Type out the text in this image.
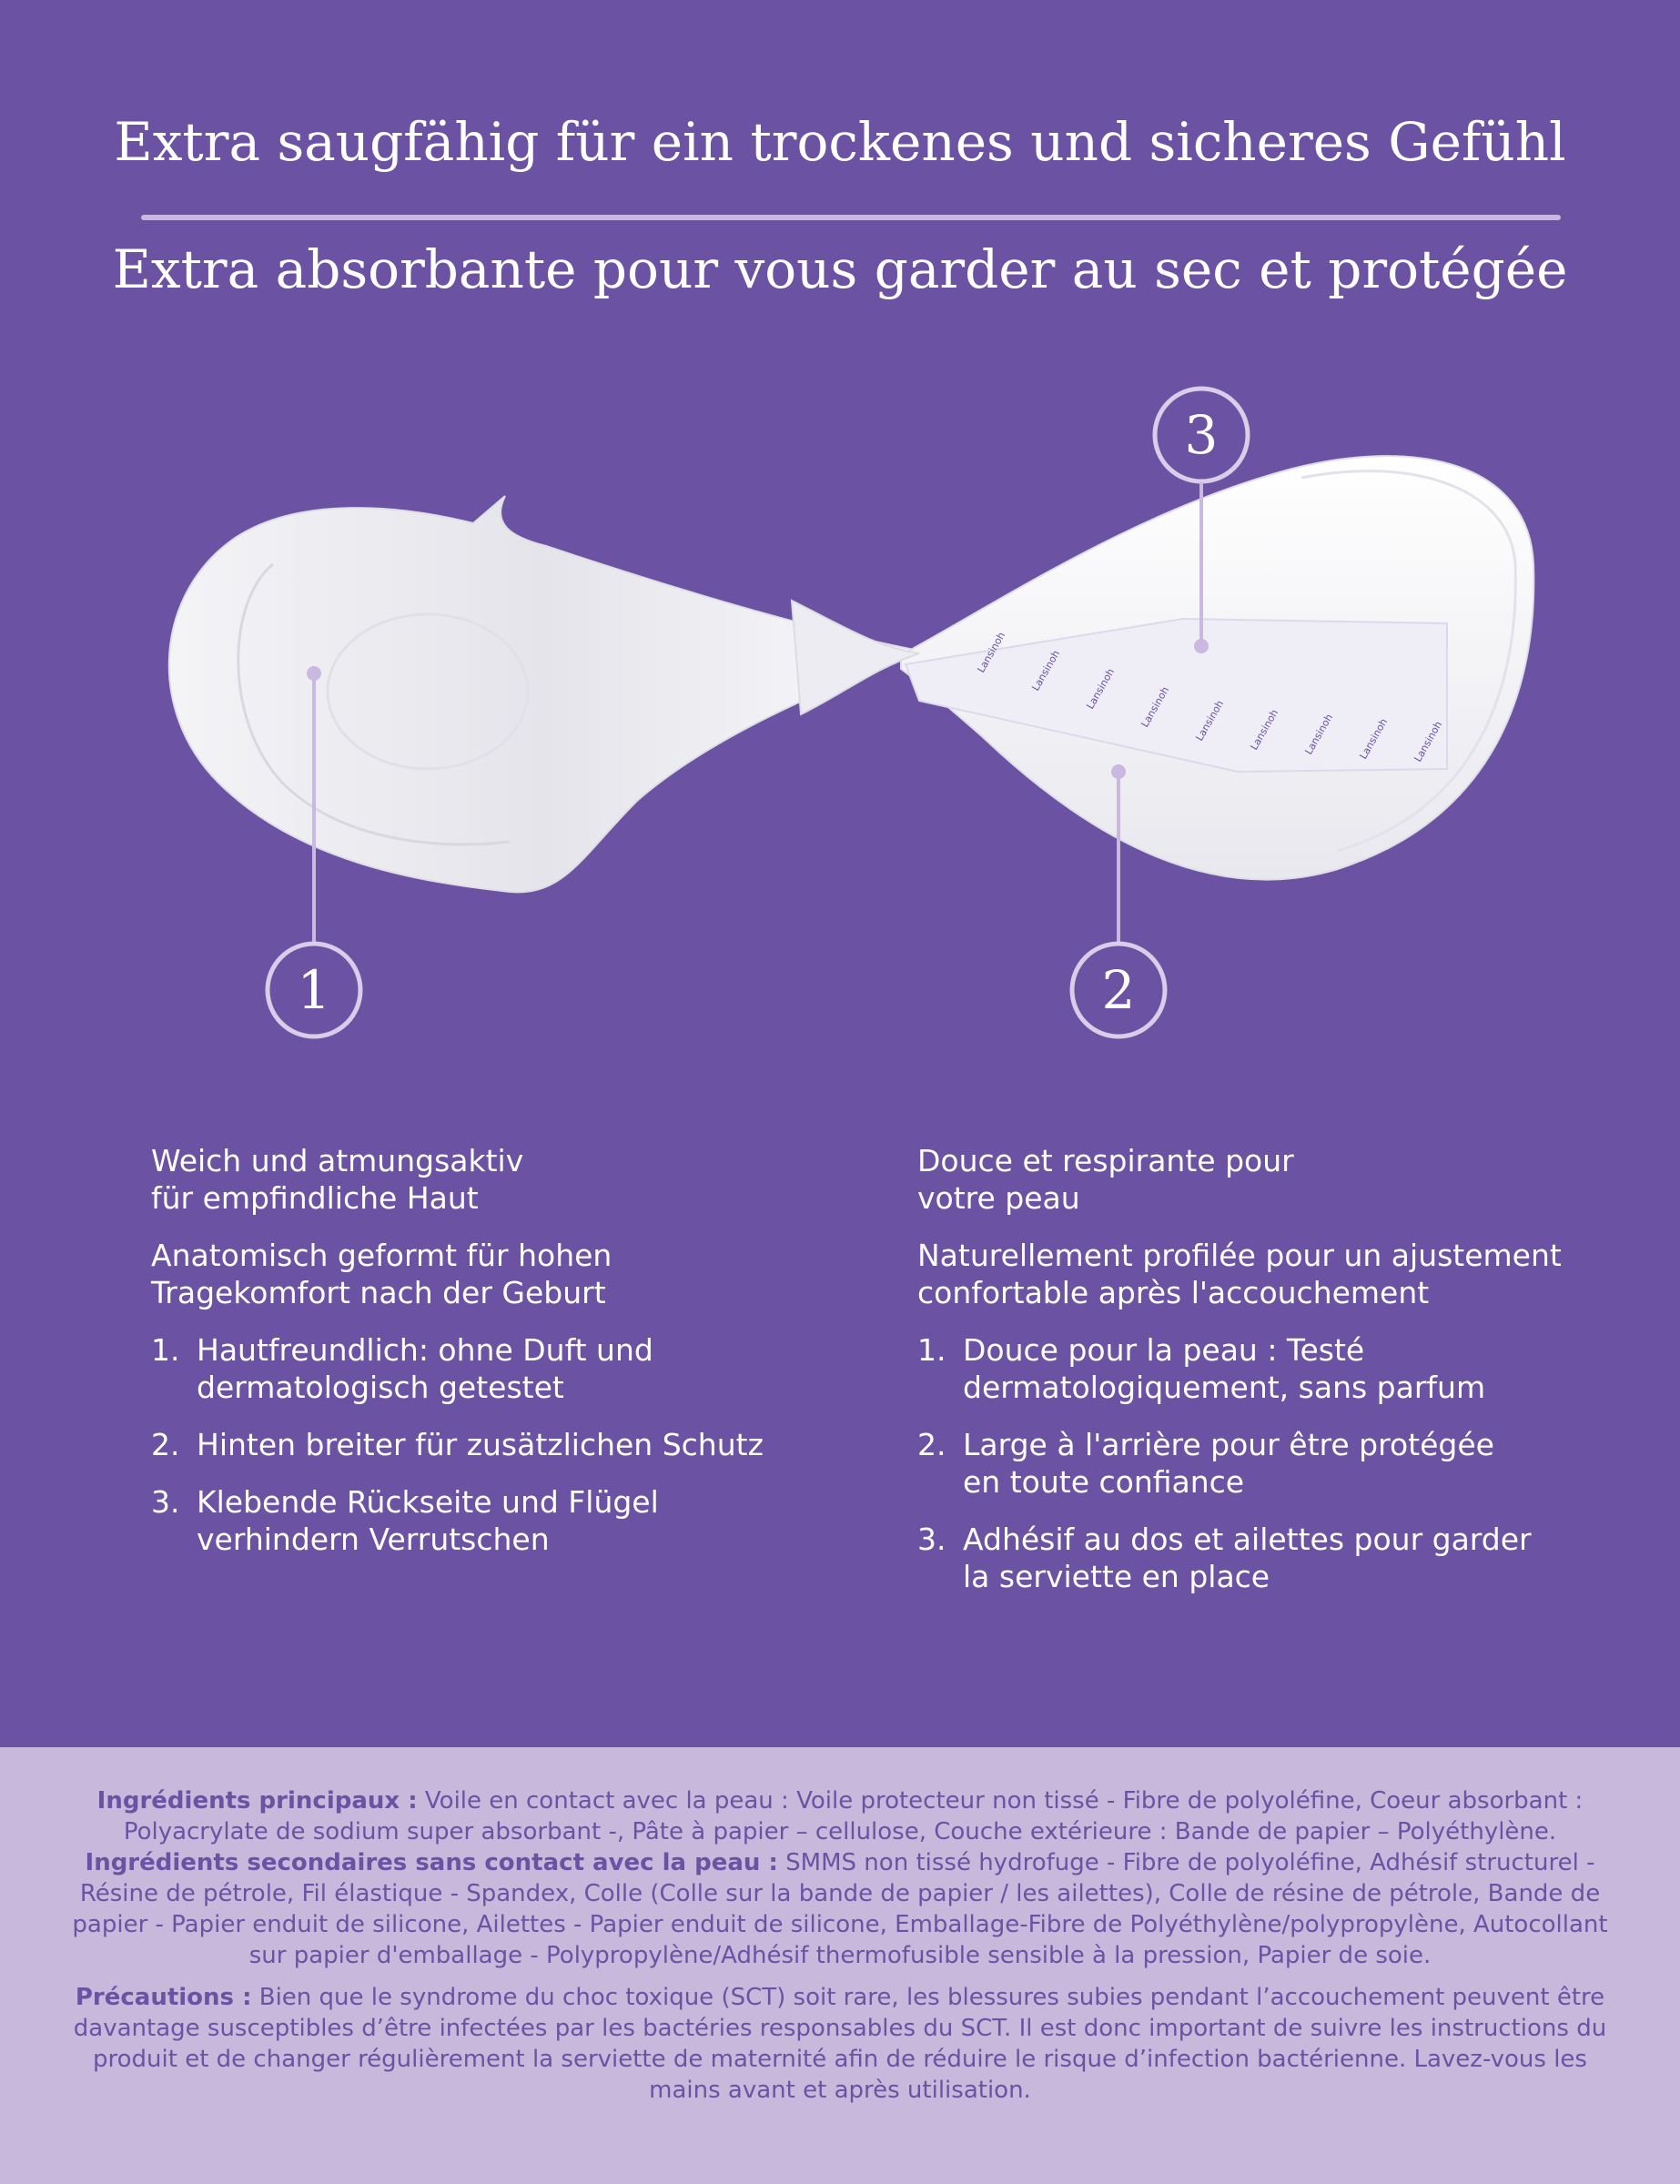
Extra saugfähig für ein trockenes und sicheres Gefühl
Extra absorbante pour vous garder au sec et protégée
Lansinoh Lansinoh Lansinoh Lansinoh Lansinoh Lansinoh Lansinoh Lansinoh Lansinoh
1	2
3

Weich und atmungsaktiv
für empfindliche Haut

Anatomisch geformt für hohen
Tragekomfort nach der Geburt

1. Hautfreundlich: ohne Duft und
dermatologisch getestet
2. Hinten breiter für zusätzlichen Schutz
3. Klebende Rückseite und Flügel
verhindern Verrutschen

Douce et respirante pour
votre peau

Naturellement profilée pour un ajustement
confortable après l'accouchement

1. Douce pour la peau : Testé
dermatologiquement, sans parfum
2. Large à l'arrière pour être protégée
en toute confiance
3. Adhésif au dos et ailettes pour garder
la serviette en place

Ingrédients principaux : Voile en contact avec la peau : Voile protecteur non tissé - Fibre de polyoléfine, Coeur absorbant : Polyacrylate de sodium super absorbant -, Pâte à papier – cellulose, Couche extérieure : Bande de papier – Polyéthylène. Ingrédients secondaires sans contact avec la peau : SMMS non tissé hydrofuge - Fibre de polyoléfine, Adhésif structurel - Résine de pétrole, Fil élastique - Spandex, Colle (Colle sur la bande de papier / les ailettes), Colle de résine de pétrole, Bande de papier - Papier enduit de silicone, Ailettes - Papier enduit de silicone, Emballage-Fibre de Polyéthylène/polypropylène, Autocollant sur papier d'emballage - Polypropylène/Adhésif thermofusible sensible à la pression, Papier de soie.

Précautions : Bien que le syndrome du choc toxique (SCT) soit rare, les blessures subies pendant l’accouchement peuvent être davantage susceptibles d’être infectées par les bactéries responsables du SCT. Il est donc important de suivre les instructions du produit et de changer régulièrement la serviette de maternité afin de réduire le risque d’infection bactérienne. Lavez-vous les mains avant et après utilisation.
